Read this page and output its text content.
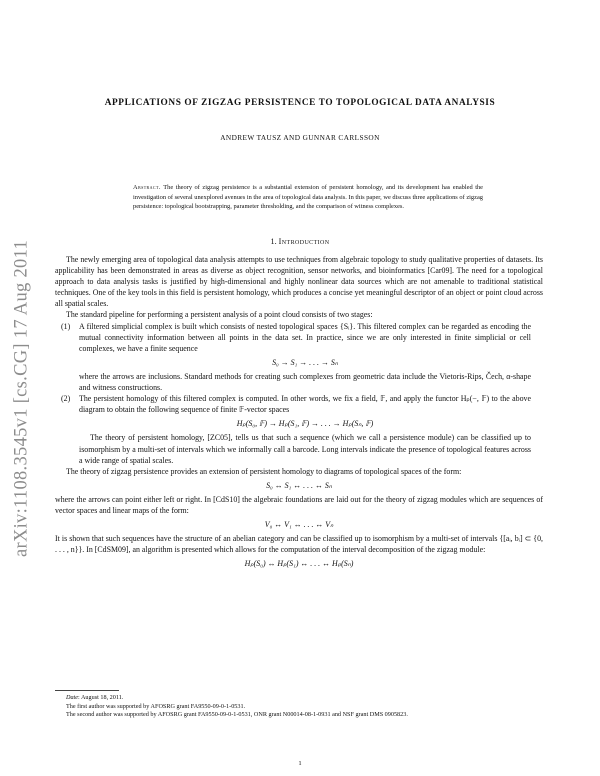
arXiv:1108.3545v1 [cs.CG] 17 Aug 2011
APPLICATIONS OF ZIGZAG PERSISTENCE TO TOPOLOGICAL DATA ANALYSIS
ANDREW TAUSZ AND GUNNAR CARLSSON
Abstract. The theory of zigzag persistence is a substantial extension of persistent homology, and its development has enabled the investigation of several unexplored avenues in the area of topological data analysis. In this paper, we discuss three applications of zigzag persistence: topological bootstrapping, parameter thresholding, and the comparison of witness complexes.
1. Introduction

The newly emerging area of topological data analysis attempts to use techniques from algebraic topology to study qualitative properties of datasets. Its applicability has been demonstrated in areas as diverse as object recognition, sensor networks, and bioinformatics [Car09]. The need for a topological approach to data analysis tasks is justified by high-dimensional and highly nonlinear data sources which are not amenable to traditional statistical techniques. One of the key tools in this field is persistent homology, which produces a concise yet meaningful descriptor of an object or point cloud across all spatial scales.

The standard pipeline for performing a persistent analysis of a point cloud consists of two stages:

(1)	A filtered simplicial complex is built which consists of nested topological spaces {Sᵢ}. This filtered complex can be regarded as encoding the mutual connectivity information between all points in the data set. In practice, since we are only interested in finite simplicial or cell complexes, we have a finite sequence

S₀ → S₁ → . . . → Sₙ

where the arrows are inclusions. Standard methods for creating such complexes from geometric data include the Vietoris-Rips, Čech, α-shape and witness constructions.

(2)	The persistent homology of this filtered complex is computed. In other words, we fix a field, 𝔽, and apply the functor Hₚ(−, 𝔽) to the above diagram to obtain the following sequence of finite 𝔽-vector spaces

Hₚ(S₀, 𝔽) → Hₚ(S₁, 𝔽) → . . . → Hₚ(Sₙ, 𝔽)

The theory of persistent homology, [ZC05], tells us that such a sequence (which we call a persistence module) can be classified up to isomorphism by a multi-set of intervals which we informally call a barcode. Long intervals indicate the presence of topological features across a wide range of spatial scales.

The theory of zigzag persistence provides an extension of persistent homology to diagrams of topological spaces of the form:

S₀ ↔ S₁ ↔ . . . ↔ Sₙ

where the arrows can point either left or right. In [CdS10] the algebraic foundations are laid out for the theory of zigzag modules which are sequences of vector spaces and linear maps of the form:

V₀ ↔ V₁ ↔ . . . ↔ Vₙ

It is shown that such sequences have the structure of an abelian category and can be classified up to isomorphism by a multi-set of intervals {[aᵢ, bᵢ] ⊂ {0, . . . , n}}. In [CdSM09], an algorithm is presented which allows for the computation of the interval decomposition of the zigzag module:

Hₚ(S₀) ↔ Hₚ(S₁) ↔ . . . ↔ Hₚ(Sₙ)

Date: August 18, 2011.

The first author was supported by AFOSRG grant FA9550-09-0-1-0531.

The second author was supported by AFOSRG grant FA9550-09-0-1-0531, ONR grant N00014-08-1-0931 and NSF grant DMS 0905823.

1
